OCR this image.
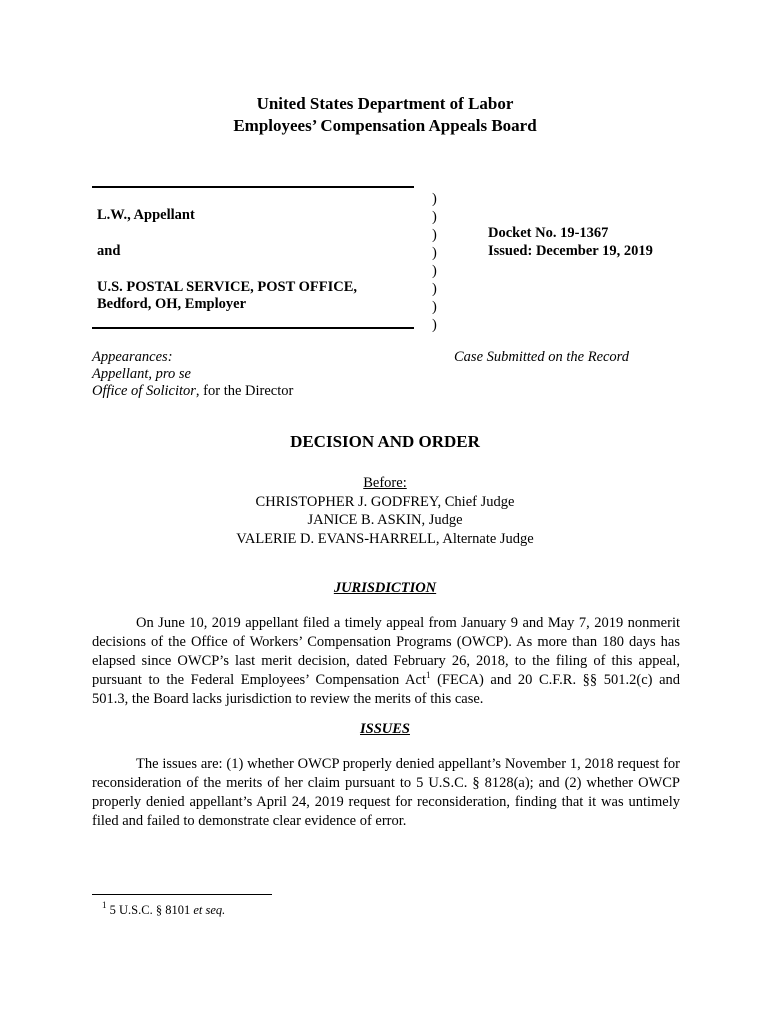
United States Department of Labor
Employees’ Compensation Appeals Board
L.W., Appellant
and
U.S. POSTAL SERVICE, POST OFFICE,
Bedford, OH, Employer
)
)
)
)
)
)
)
)
Docket No. 19-1367
Issued: December 19, 2019
Appearances:
Appellant, pro se
Office of Solicitor, for the Director
Case Submitted on the Record
DECISION AND ORDER
Before:
CHRISTOPHER J. GODFREY, Chief Judge
JANICE B. ASKIN, Judge
VALERIE D. EVANS-HARRELL, Alternate Judge
JURISDICTION
On June 10, 2019 appellant filed a timely appeal from January 9 and May 7, 2019 nonmerit decisions of the Office of Workers’ Compensation Programs (OWCP). As more than 180 days has elapsed since OWCP’s last merit decision, dated February 26, 2018, to the filing of this appeal, pursuant to the Federal Employees’ Compensation Act$^1$ (FECA) and 20 C.F.R. §§ 501.2(c) and 501.3, the Board lacks jurisdiction to review the merits of this case.
ISSUES
The issues are: (1) whether OWCP properly denied appellant’s November 1, 2018 request for reconsideration of the merits of her claim pursuant to 5 U.S.C. § 8128(a); and (2) whether OWCP properly denied appellant’s April 24, 2019 request for reconsideration, finding that it was untimely filed and failed to demonstrate clear evidence of error.
$^1$ 5 U.S.C. § 8101 et seq.
